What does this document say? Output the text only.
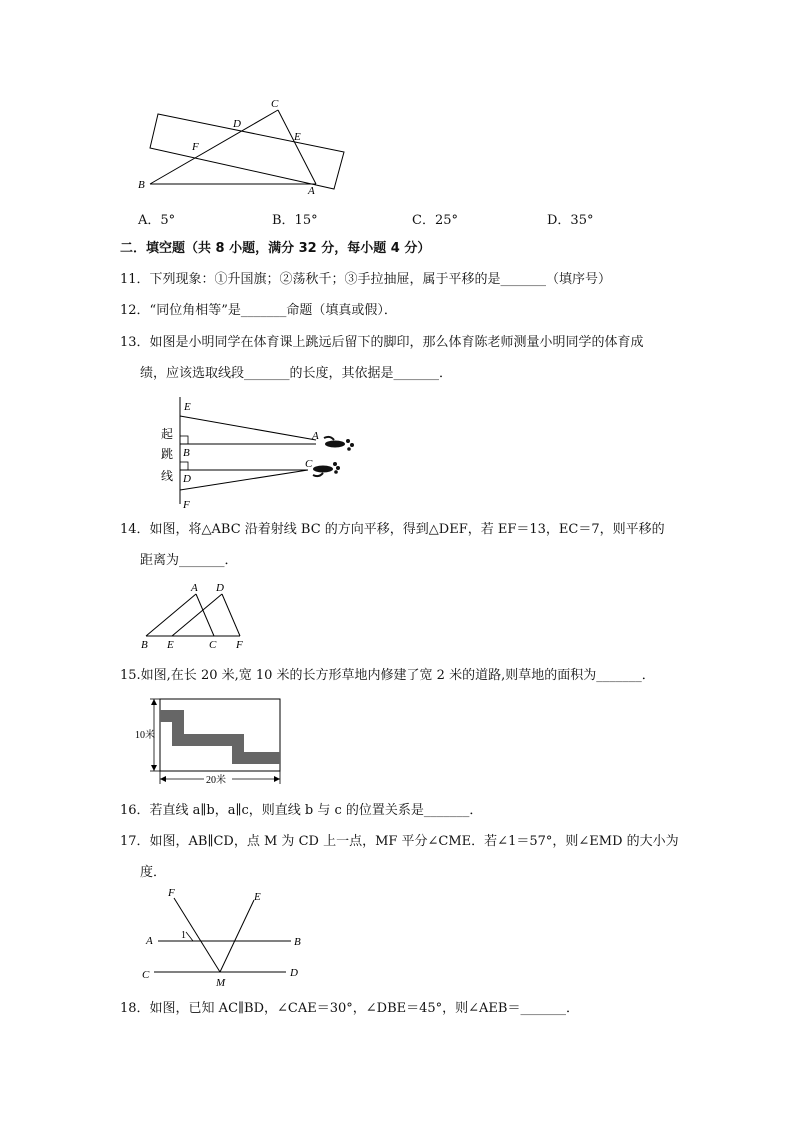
C
D
E
F
B	A
A．5°	B．15°	C．25°	D．35°
二．填空题（共 8 小题，满分 32 分，每小题 4 分）
11．下列现象：①升国旗；②荡秋千；③手拉抽屉，属于平移的是_______（填序号）
12．“同位角相等”是_______命题（填真或假）．
13．如图是小明同学在体育课上跳远后留下的脚印，那么体育陈老师测量小明同学的体育成
绩，应该选取线段_______的长度，其依据是_______．
E
A
B
C
D
F
起
跳
线
14．如图，将△ABC 沿着射线 BC 的方向平移，得到△DEF，若 EF＝13，EC＝7，则平移的
距离为_______．
A D
B E	C F
15.如图,在长 20 米,宽 10 米的长方形草地内修建了宽 2 米的道路,则草地的面积为_______．
10米
20米
16．若直线 a∥b，a∥c，则直线 b 与 c 的位置关系是_______．
17．如图，AB∥CD，点 M 为 CD 上一点，MF 平分∠CME．若∠1＝57°，则∠EMD 的大小为
度．
F	E
A	B
C	D
M
1
18．如图，已知 AC∥BD，∠CAE＝30°，∠DBE＝45°，则∠AEB＝_______．
